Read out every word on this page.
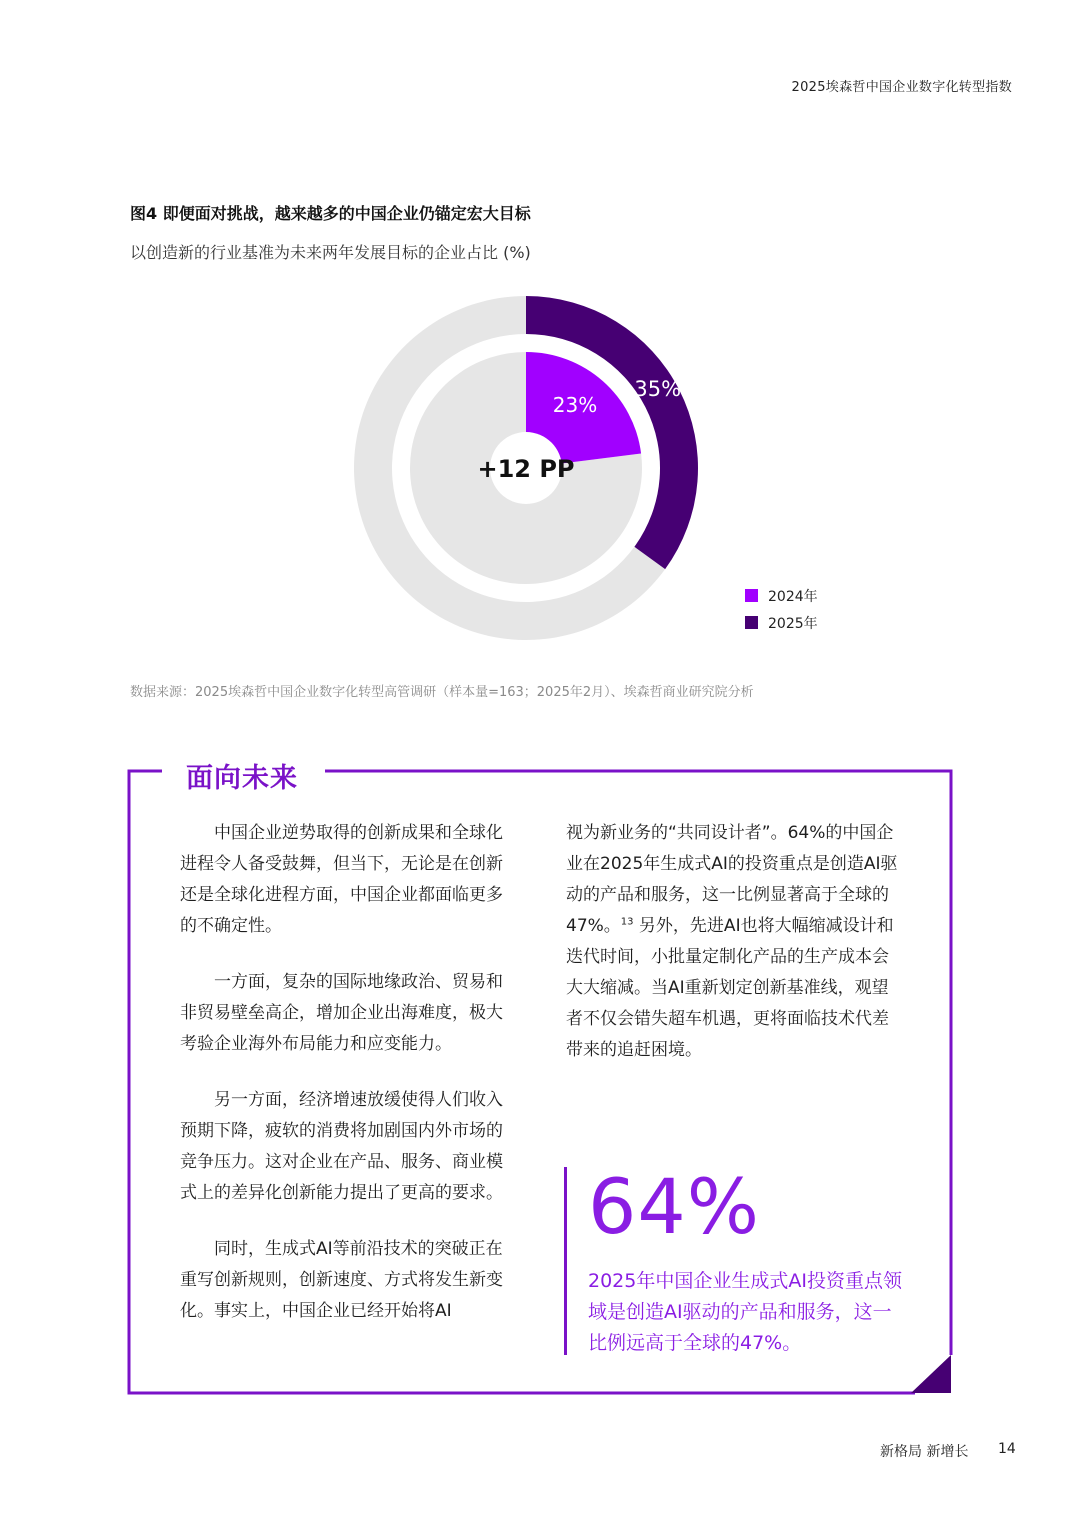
2025埃森哲中国企业数字化转型指数
图4 即便面对挑战，越来越多的中国企业仍锚定宏大目标
以创造新的行业基准为未来两年发展目标的企业占比 (%)
35%
23%
+12 PP
2024年
2025年
数据来源：2025埃森哲中国企业数字化转型高管调研（样本量=163；2025年2月）、埃森哲商业研究院分析
面向未来

中国企业逆势取得的创新成果和全球化进程令人备受鼓舞，但当下，无论是在创新还是全球化进程方面，中国企业都面临更多的不确定性。

一方面，复杂的国际地缘政治、贸易和非贸易壁垒高企，增加企业出海难度，极大考验企业海外布局能力和应变能力。

另一方面，经济增速放缓使得人们收入预期下降，疲软的消费将加剧国内外市场的竞争压力。这对企业在产品、服务、商业模式上的差异化创新能力提出了更高的要求。

同时，生成式AI等前沿技术的突破正在重写创新规则，创新速度、方式将发生新变化。事实上，中国企业已经开始将AI

视为新业务的“共同设计者”。64%的中国企业在2025年生成式AI的投资重点是创造AI驱动的产品和服务，这一比例显著高于全球的47%。$^{13}$ 另外，先进AI也将大幅缩减设计和迭代时间，小批量定制化产品的生产成本会大大缩减。当AI重新划定创新基准线，观望者不仅会错失超车机遇，更将面临技术代差带来的追赶困境。

64%
2025年中国企业生成式AI投资重点领域是创造AI驱动的产品和服务，这一比例远高于全球的47%。
新格局 新增长 14
